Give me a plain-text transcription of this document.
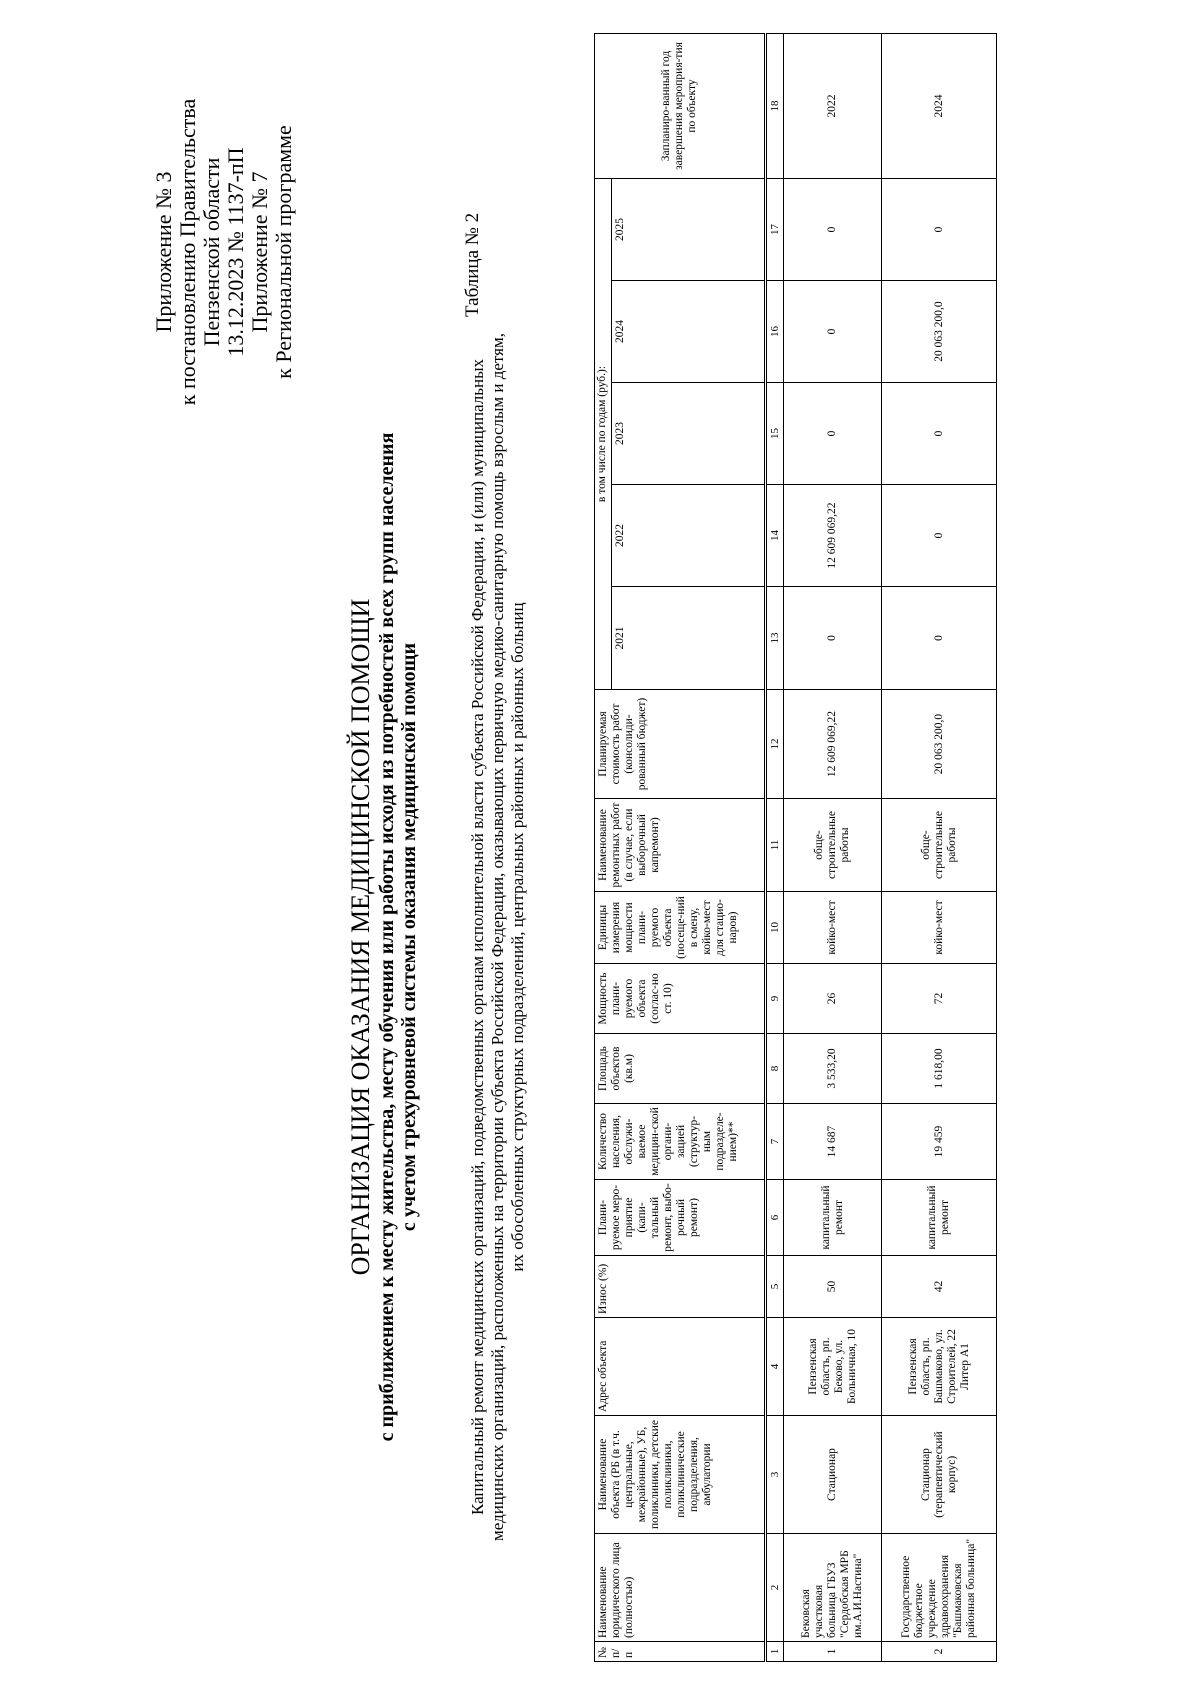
Приложение № 3 к постановлению Правительства Пензенской области 13.12.2023 № 1137-пП Приложение № 7 к Региональной программе	Таблица № 2
ОРГАНИЗАЦИЯ ОКАЗАНИЯ МЕДИЦИНСКОЙ ПОМОЩИ с приближением к месту жительства, месту обучения или работы исходя из потребностей всех групп населения с учетом трехуровневой системы оказания медицинской помощи	Капитальный ремонт медицинских организаций, подведомственных органам исполнительной власти субъекта Российской Федерации, и (или) муниципальных медицинских организаций, расположенных на территории субъекта Российской Федерации, оказывающих первичную медико-санитарную помощь взрослым и детям, их обособленных структурных подразделений, центральных районных и районных больниц
№ п/п	Наименование юридического лица (полностью)	Наименование объекта (РБ (в т.ч. центральные, межрайонные), УБ, поликлиники, детские поликлиники, поликлинические подразделения, амбулатории	Адрес объекта	Износ (%)	Плани-руемое меро-приятие (капи-тальный ремонт, выбо-рочный ремонт)	Количество населения, обслужи-ваемое медицин-ской органи-зацией (структур-ным подразделе-нием)**	Площадь объектов (кв.м)	Мощность плани-руемого объекта (соглас-но ст. 10)	Единицы измерения мощности плани-руемого объекта (посеще-ний в смену, койко-мест для стацио-наров)	Наименование ремонтных работ (в случае, если выборочный капремонт)	Планируемая стоимость работ (консолиди-рованный бюджет)	в том числе по годам (руб.):					Запланиро-ванный год завершения мероприя-тия по объекту
												2021	2022	2023	2024	2025	
1	2	3	4	5	6	7	8	9	10	11	12	13	14	15	16	17	18
1	Бековская участковая больница ГБУЗ "Сердобская МРБ им.А.И.Настина"	Стационар	Пензенская область, рп. Беково, ул. Больничная, 10	50	капитальный ремонт	14 687	3 533,20	26	койко-мест	обще-строительные работы	12 609 069,22	0	12 609 069,22	0	0	0	2022
2	Государственное бюджетное учреждение здравоохранения "Башмаковская районная больница"	Стационар (терапевтический корпус)	Пензенская область, рп. Башмаково, ул. Строителей, 22 Литер А1	42	капитальный ремонт	19 459	1 618,00	72	койко-мест	обще-строительные работы	20 063 200,0	0	0	0	20 063 200,0	0	2024
